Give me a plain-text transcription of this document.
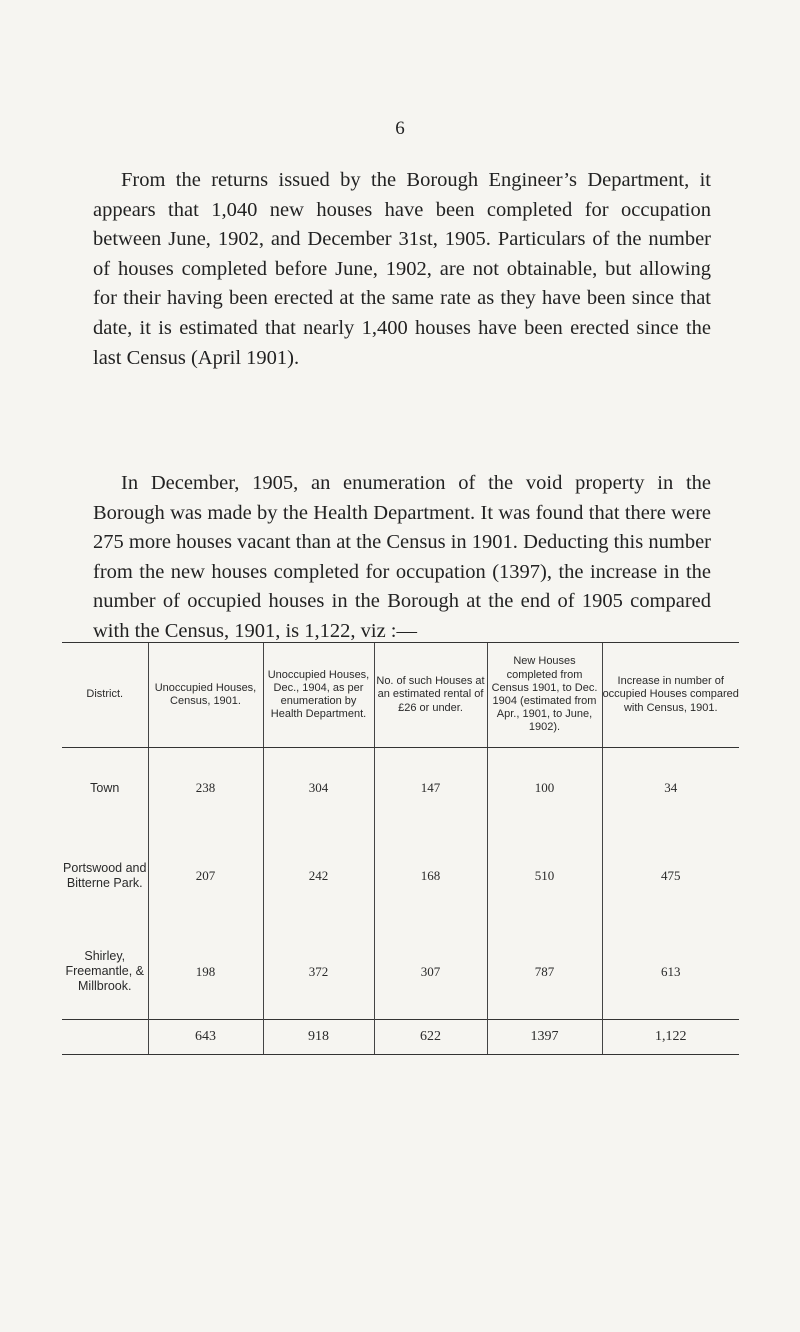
6

From the returns issued by the Borough Engineer’s Department, it appears that 1,040 new houses have been completed for occupation between June, 1902, and December 31st, 1905. Particulars of the number of houses completed before June, 1902, are not obtainable, but allowing for their having been erected at the same rate as they have been since that date, it is estimated that nearly 1,400 houses have been erected since the last Census (April 1901).

In December, 1905, an enumeration of the void property in the Borough was made by the Health Department. It was found that there were 275 more houses vacant than at the Census in 1901. Deducting this number from the new houses completed for occupation (1397), the increase in the number of occupied houses in the Borough at the end of 1905 compared with the Census, 1901, is 1,122, viz :—

District.	Unoccupied Houses, Census, 1901.	Unoccupied Houses, Dec., 1904, as per enumeration by Health Department.	No. of such Houses at an estimated rental of £26 or under.	New Houses completed from Census 1901, to Dec. 1904 (estimated from Apr., 1901, to June, 1902).	Increase in number of occupied Houses compared with Census, 1901.
Town	238	304	147	100	34
Portswood and Bitterne Park.	207	242	168	510	475
Shirley, Freemantle, & Millbrook.	198	372	307	787	613
	643	918	622	1397	1,122
